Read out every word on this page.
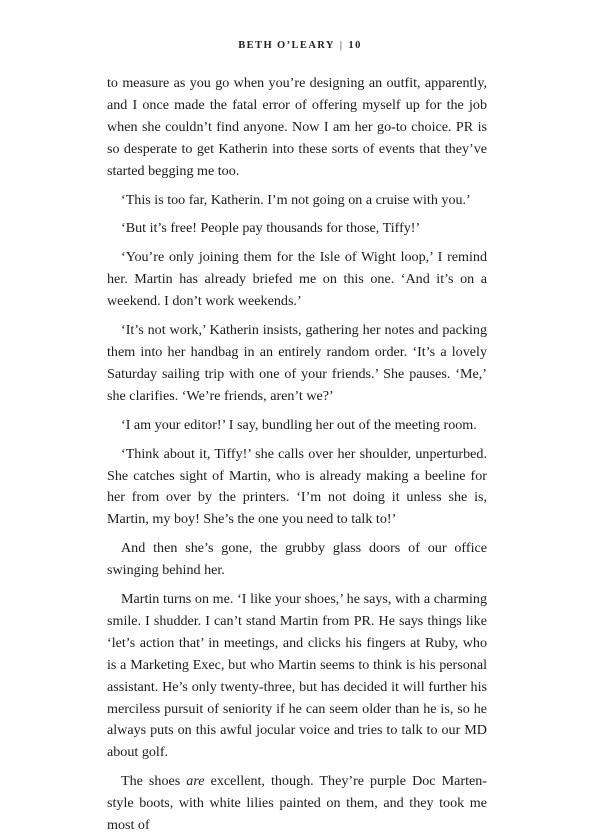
BETH O’LEARY | 10

to measure as you go when you’re designing an outfit, apparently, and I once made the fatal error of offering myself up for the job when she couldn’t find anyone. Now I am her go-to choice. PR is so desperate to get Katherin into these sorts of events that they’ve started begging me too.

‘This is too far, Katherin. I’m not going on a cruise with you.’

‘But it’s free! People pay thousands for those, Tiffy!’

‘You’re only joining them for the Isle of Wight loop,’ I remind her. Martin has already briefed me on this one. ‘And it’s on a weekend. I don’t work weekends.’

‘It’s not work,’ Katherin insists, gathering her notes and packing them into her handbag in an entirely random order. ‘It’s a lovely Saturday sailing trip with one of your friends.’ She pauses. ‘Me,’ she clarifies. ‘We’re friends, aren’t we?’

‘I am your editor!’ I say, bundling her out of the meeting room.

‘Think about it, Tiffy!’ she calls over her shoulder, unperturbed. She catches sight of Martin, who is already making a beeline for her from over by the printers. ‘I’m not doing it unless she is, Martin, my boy! She’s the one you need to talk to!’

And then she’s gone, the grubby glass doors of our office swinging behind her.

Martin turns on me. ‘I like your shoes,’ he says, with a charming smile. I shudder. I can’t stand Martin from PR. He says things like ‘let’s action that’ in meetings, and clicks his fingers at Ruby, who is a Marketing Exec, but who Martin seems to think is his personal assistant. He’s only twenty-three, but has decided it will further his merciless pursuit of seniority if he can seem older than he is, so he always puts on this awful jocular voice and tries to talk to our MD about golf.

The shoes are excellent, though. They’re purple Doc Marten-style boots, with white lilies painted on them, and they took me most of
